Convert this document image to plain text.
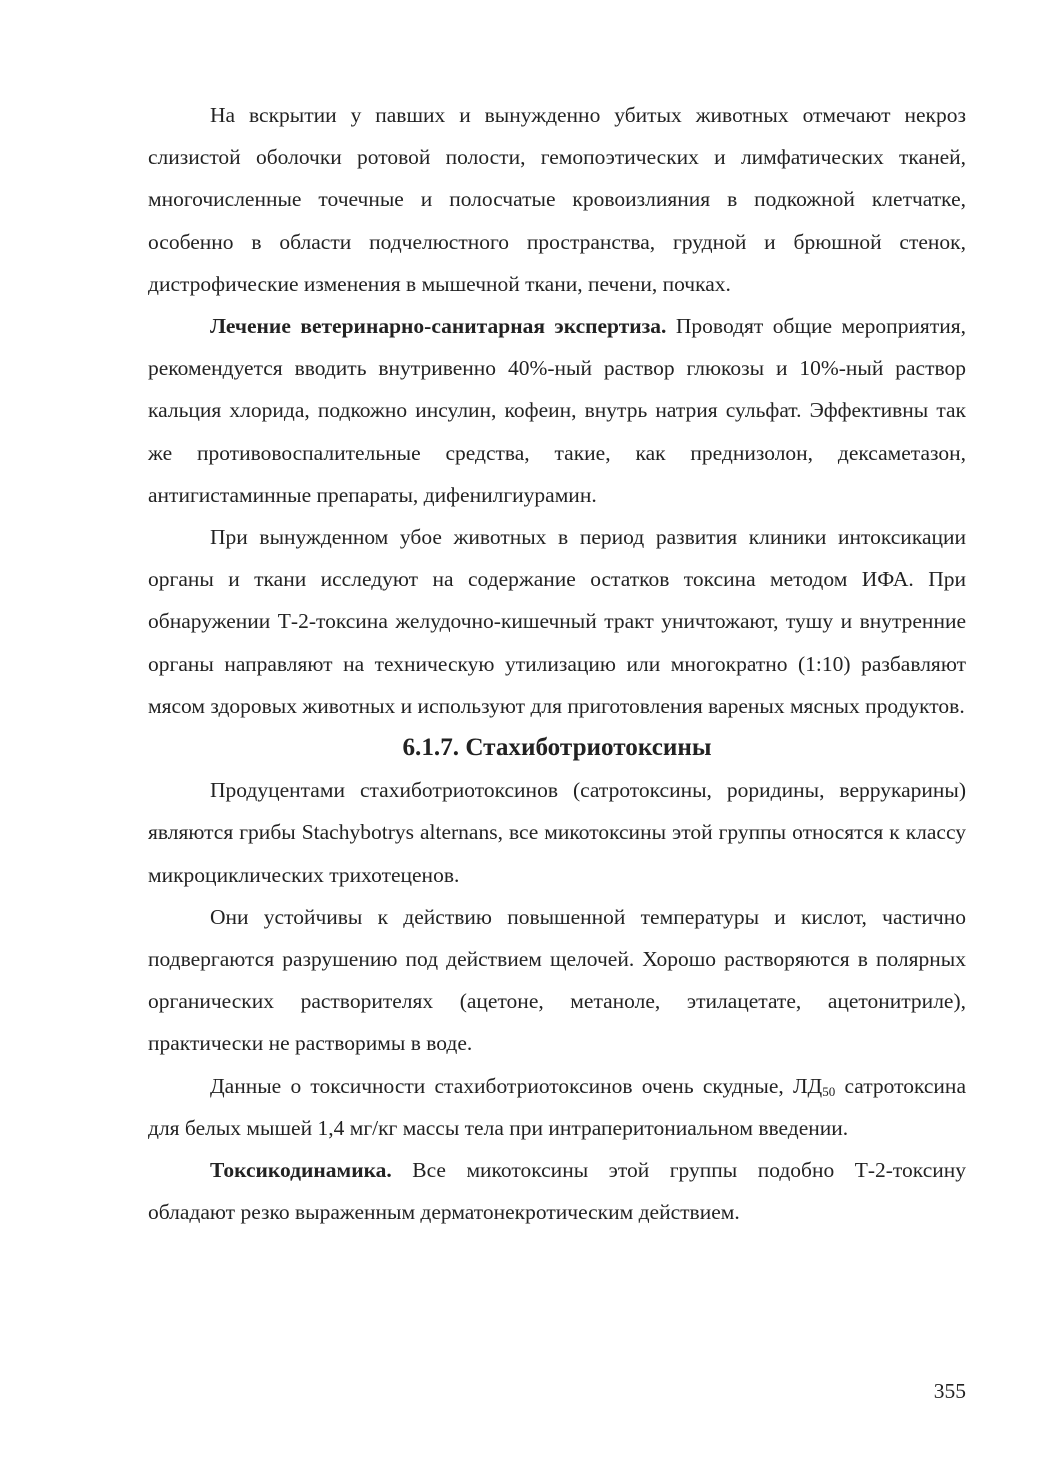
На вскрытии у павших и вынужденно убитых животных отмечают некроз слизистой оболочки ротовой полости, гемопоэтических и лимфатических тканей, многочисленные точечные и полосчатые кровоизлияния в подкожной клетчатке, особенно в области подчелюстного пространства, грудной и брюшной стенок, дистрофические изменения в мышечной ткани, печени, почках.

Лечение ветеринарно-санитарная экспертиза. Проводят общие мероприятия, рекомендуется вводить внутривенно 40%-ный раствор глюкозы и 10%-ный раствор кальция хлорида, подкожно инсулин, кофеин, внутрь натрия сульфат. Эффективны так же противовоспалительные средства, такие, как преднизолон, дексаметазон, антигистаминные препараты, дифенилгиурамин.

При вынужденном убое животных в период развития клиники интоксикации органы и ткани исследуют на содержание остатков токсина методом ИФА. При обнаружении Т-2-токсина желудочно-кишечный тракт уничтожают, тушу и внутренние органы направляют на техническую утилизацию или многократно (1:10) разбавляют мясом здоровых животных и используют для приготовления вареных мясных продуктов.

6.1.7. Стахиботриотоксины

Продуцентами стахиботриотоксинов (сатротоксины, роридины, веррукарины) являются грибы Stachybotrys alternans, все микотоксины этой группы относятся к классу микроциклических трихотеценов.

Они устойчивы к действию повышенной температуры и кислот, частично подвергаются разрушению под действием щелочей. Хорошо растворяются в полярных органических растворителях (ацетоне, метаноле, этилацетате, ацетонитриле), практически не растворимы в воде.

Данные о токсичности стахиботриотоксинов очень скудные, $ЛД_{50}$ сатротоксина для белых мышей 1,4 мг/кг массы тела при интраперитониальном введении.

Токсикодинамика. Все микотоксины этой группы подобно Т-2-токсину обладают резко выраженным дерматонекротическим действием.

355
